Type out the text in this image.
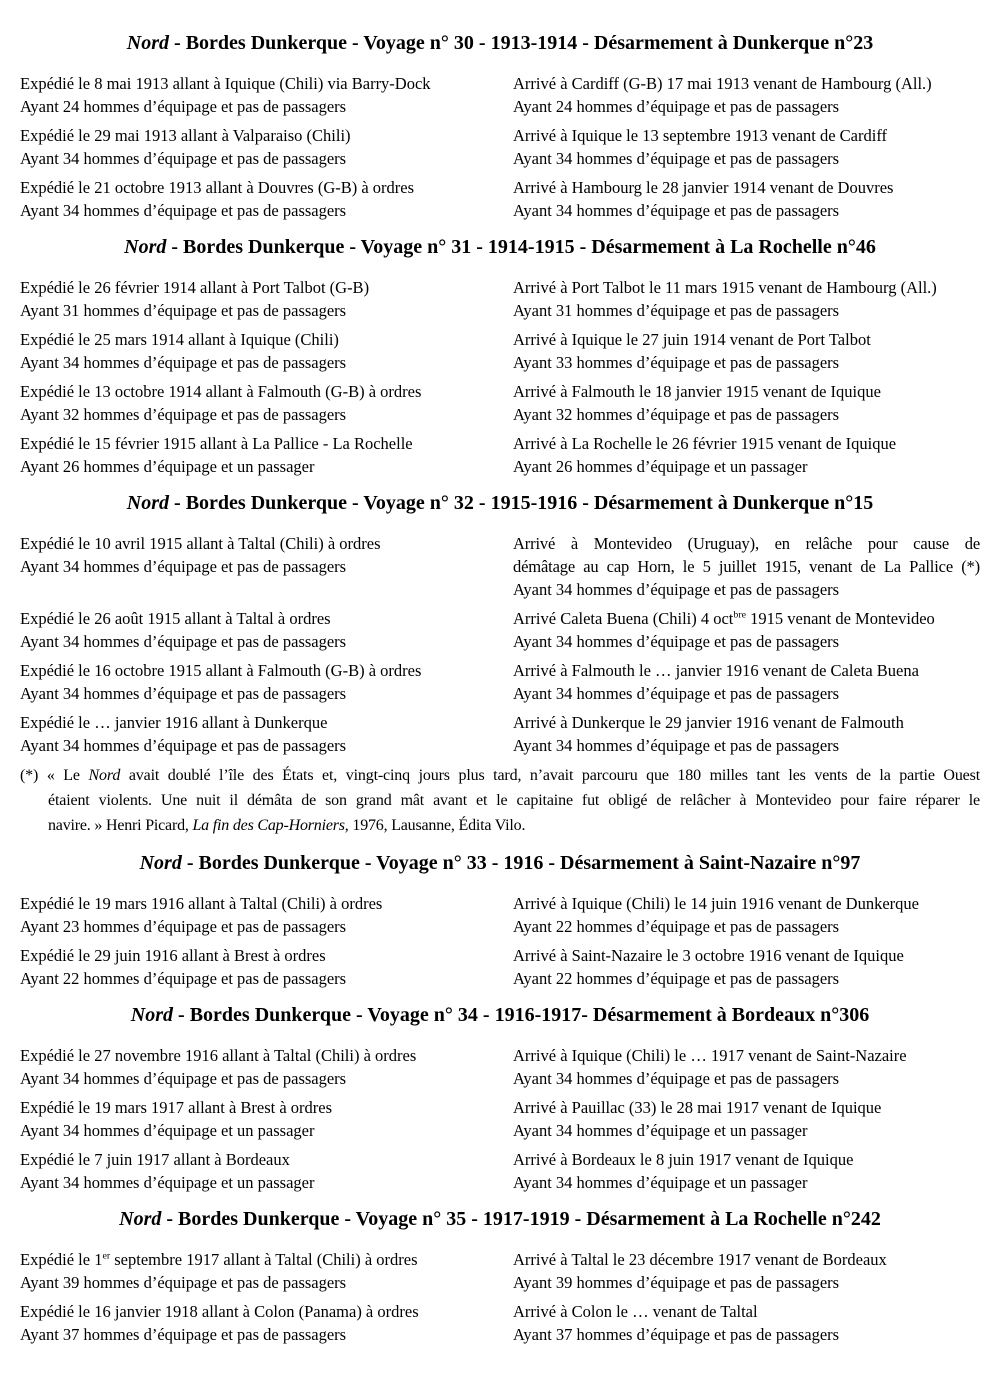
Nord - Bordes Dunkerque - Voyage n° 30 - 1913-1914 - Désarmement à Dunkerque n°23
Expédié le 8 mai 1913 allant à Iquique (Chili) via Barry-Dock
Ayant 24 hommes d’équipage et pas de passagers
Arrivé à Cardiff (G-B) 17 mai 1913 venant de Hambourg (All.)
Ayant 24 hommes d’équipage et pas de passagers
Expédié le 29 mai 1913 allant à Valparaiso (Chili)
Ayant 34 hommes d’équipage et pas de passagers
Arrivé à Iquique le 13 septembre 1913 venant de Cardiff
Ayant 34 hommes d’équipage et pas de passagers
Expédié le 21 octobre 1913 allant à Douvres (G-B) à ordres
Ayant 34 hommes d’équipage et pas de passagers
Arrivé à Hambourg le 28 janvier 1914 venant de Douvres
Ayant 34 hommes d’équipage et pas de passagers
Nord - Bordes Dunkerque - Voyage n° 31 - 1914-1915 - Désarmement à La Rochelle n°46
Expédié le 26 février 1914 allant à Port Talbot (G-B)
Ayant 31 hommes d’équipage et pas de passagers
Arrivé à Port Talbot le 11 mars 1915 venant de Hambourg (All.)
Ayant 31 hommes d’équipage et pas de passagers
Expédié le 25 mars 1914 allant à Iquique (Chili)
Ayant 34 hommes d’équipage et pas de passagers
Arrivé à Iquique le 27 juin 1914 venant de Port Talbot
Ayant 33 hommes d’équipage et pas de passagers
Expédié le 13 octobre 1914 allant à Falmouth (G-B) à ordres
Ayant 32 hommes d’équipage et pas de passagers
Arrivé à Falmouth le 18 janvier 1915 venant de Iquique
Ayant 32 hommes d’équipage et pas de passagers
Expédié le 15 février 1915 allant à La Pallice - La Rochelle
Ayant 26 hommes d’équipage et un passager
Arrivé à La Rochelle le 26 février 1915 venant de Iquique
Ayant 26 hommes d’équipage et un passager
Nord - Bordes Dunkerque - Voyage n° 32 - 1915-1916 - Désarmement à Dunkerque n°15
Expédié le 10 avril 1915 allant à Taltal (Chili) à ordres
Ayant 34 hommes d’équipage et pas de passagers
Arrivé à Montevideo (Uruguay), en relâche pour cause de
démâtage au cap Horn, le 5 juillet 1915, venant de La Pallice (*)
Ayant 34 hommes d’équipage et pas de passagers
Expédié le 26 août 1915 allant à Taltal à ordres
Ayant 34 hommes d’équipage et pas de passagers
Arrivé Caleta Buena (Chili) 4 oct$^{bre}$ 1915 venant de Montevideo
Ayant 34 hommes d’équipage et pas de passagers
Expédié le 16 octobre 1915 allant à Falmouth (G-B) à ordres
Ayant 34 hommes d’équipage et pas de passagers
Arrivé à Falmouth le … janvier 1916 venant de Caleta Buena
Ayant 34 hommes d’équipage et pas de passagers
Expédié le … janvier 1916 allant à Dunkerque
Ayant 34 hommes d’équipage et pas de passagers
Arrivé à Dunkerque le 29 janvier 1916 venant de Falmouth
Ayant 34 hommes d’équipage et pas de passagers
(*) « Le Nord avait doublé l’île des États et, vingt-cinq jours plus tard, n’avait parcouru que 180 milles tant les vents de la partie Ouest
étaient violents. Une nuit il démâta de son grand mât avant et le capitaine fut obligé de relâcher à Montevideo pour faire réparer le
navire. » Henri Picard, La fin des Cap-Horniers, 1976, Lausanne, Édita Vilo.
Nord - Bordes Dunkerque - Voyage n° 33 - 1916 - Désarmement à Saint-Nazaire n°97
Expédié le 19 mars 1916 allant à Taltal (Chili) à ordres
Ayant 23 hommes d’équipage et pas de passagers
Arrivé à Iquique (Chili) le 14 juin 1916 venant de Dunkerque
Ayant 22 hommes d’équipage et pas de passagers
Expédié le 29 juin 1916 allant à Brest à ordres
Ayant 22 hommes d’équipage et pas de passagers
Arrivé à Saint-Nazaire le 3 octobre 1916 venant de Iquique
Ayant 22 hommes d’équipage et pas de passagers
Nord - Bordes Dunkerque - Voyage n° 34 - 1916-1917- Désarmement à Bordeaux n°306
Expédié le 27 novembre 1916 allant à Taltal (Chili) à ordres
Ayant 34 hommes d’équipage et pas de passagers
Arrivé à Iquique (Chili) le … 1917 venant de Saint-Nazaire
Ayant 34 hommes d’équipage et pas de passagers
Expédié le 19 mars 1917 allant à Brest à ordres
Ayant 34 hommes d’équipage et un passager
Arrivé à Pauillac (33) le 28 mai 1917 venant de Iquique
Ayant 34 hommes d’équipage et un passager
Expédié le 7 juin 1917 allant à Bordeaux
Ayant 34 hommes d’équipage et un passager
Arrivé à Bordeaux le 8 juin 1917 venant de Iquique
Ayant 34 hommes d’équipage et un passager
Nord - Bordes Dunkerque - Voyage n° 35 - 1917-1919 - Désarmement à La Rochelle n°242
Expédié le 1er septembre 1917 allant à Taltal (Chili) à ordres
Ayant 39 hommes d’équipage et pas de passagers
Arrivé à Taltal le 23 décembre 1917 venant de Bordeaux
Ayant 39 hommes d’équipage et pas de passagers
Expédié le 16 janvier 1918 allant à Colon (Panama) à ordres
Ayant 37 hommes d’équipage et pas de passagers
Arrivé à Colon le … venant de Taltal
Ayant 37 hommes d’équipage et pas de passagers
